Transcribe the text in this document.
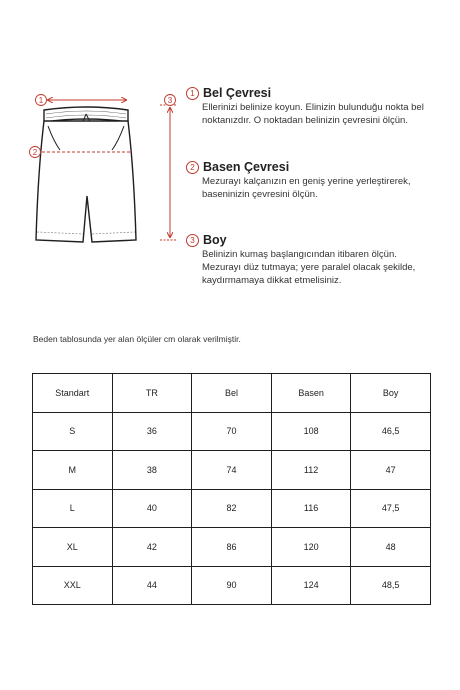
1
2
3
1 Bel Çevresi
Ellerinizi belinize koyun. Elinizin bulunduğu nokta bel
noktanızdır. O noktadan belinizin çevresini ölçün.
2 Basen Çevresi
Mezurayı kalçanızın en geniş yerine yerleştirerek,
baseninizin çevresini ölçün.
3 Boy
Belinizin kumaş başlangıcından itibaren ölçün.
Mezurayı düz tutmaya; yere paralel olacak şekilde,
kaydırmamaya dikkat etmelisiniz.
Beden tablosunda yer alan ölçüler cm olarak verilmiştir.
Standart	TR	Bel	Basen	Boy
S	36	70	108	46,5
M	38	74	112	47
L	40	82	116	47,5
XL	42	86	120	48
XXL	44	90	124	48,5
